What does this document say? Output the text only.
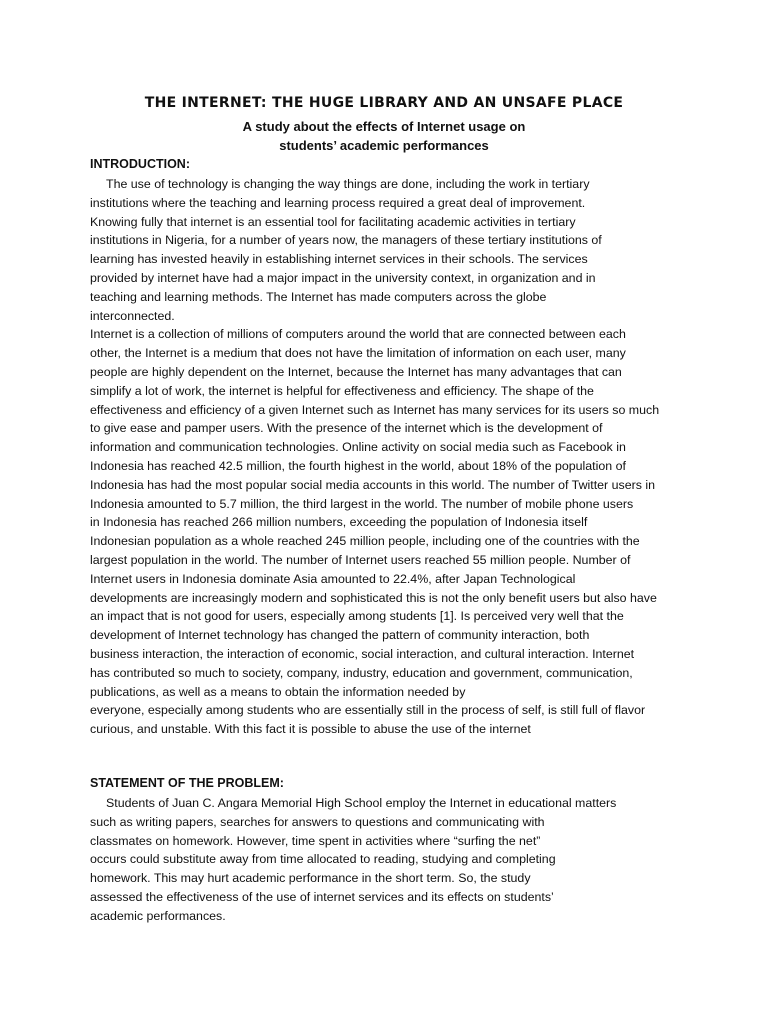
THE INTERNET: THE HUGE LIBRARY AND AN UNSAFE PLACE
A study about the effects of Internet usage on
students’ academic performances
INTRODUCTION:
The use of technology is changing the way things are done, including the work in tertiary
institutions where the teaching and learning process required a great deal of improvement.
Knowing fully that internet is an essential tool for facilitating academic activities in tertiary
institutions in Nigeria, for a number of years now, the managers of these tertiary institutions of
learning has invested heavily in establishing internet services in their schools. The services
provided by internet have had a major impact in the university context, in organization and in
teaching and learning methods. The Internet has made computers across the globe
interconnected.
Internet is a collection of millions of computers around the world that are connected between each
other, the Internet is a medium that does not have the limitation of information on each user, many
people are highly dependent on the Internet, because the Internet has many advantages that can
simplify a lot of work, the internet is helpful for effectiveness and efficiency. The shape of the
effectiveness and efficiency of a given Internet such as Internet has many services for its users so much
to give ease and pamper users. With the presence of the internet which is the development of
information and communication technologies. Online activity on social media such as Facebook in
Indonesia has reached 42.5 million, the fourth highest in the world, about 18% of the population of
Indonesia has had the most popular social media accounts in this world. The number of Twitter users in
Indonesia amounted to 5.7 million, the third largest in the world. The number of mobile phone users
in Indonesia has reached 266 million numbers, exceeding the population of Indonesia itself
Indonesian population as a whole reached 245 million people, including one of the countries with the
largest population in the world. The number of Internet users reached 55 million people. Number of
Internet users in Indonesia dominate Asia amounted to 22.4%, after Japan Technological
developments are increasingly modern and sophisticated this is not the only benefit users but also have
an impact that is not good for users, especially among students [1]. Is perceived very well that the
development of Internet technology has changed the pattern of community interaction, both
business interaction, the interaction of economic, social interaction, and cultural interaction. Internet
has contributed so much to society, company, industry, education and government, communication,
publications, as well as a means to obtain the information needed by
everyone, especially among students who are essentially still in the process of self, is still full of flavor
curious, and unstable. With this fact it is possible to abuse the use of the internet
STATEMENT OF THE PROBLEM:
Students of Juan C. Angara Memorial High School employ the Internet in educational matters
such as writing papers, searches for answers to questions and communicating with
classmates on homework. However, time spent in activities where “surfing the net”
occurs could substitute away from time allocated to reading, studying and completing
homework. This may hurt academic performance in the short term. So, the study
assessed the effectiveness of the use of internet services and its effects on students’
academic performances.
